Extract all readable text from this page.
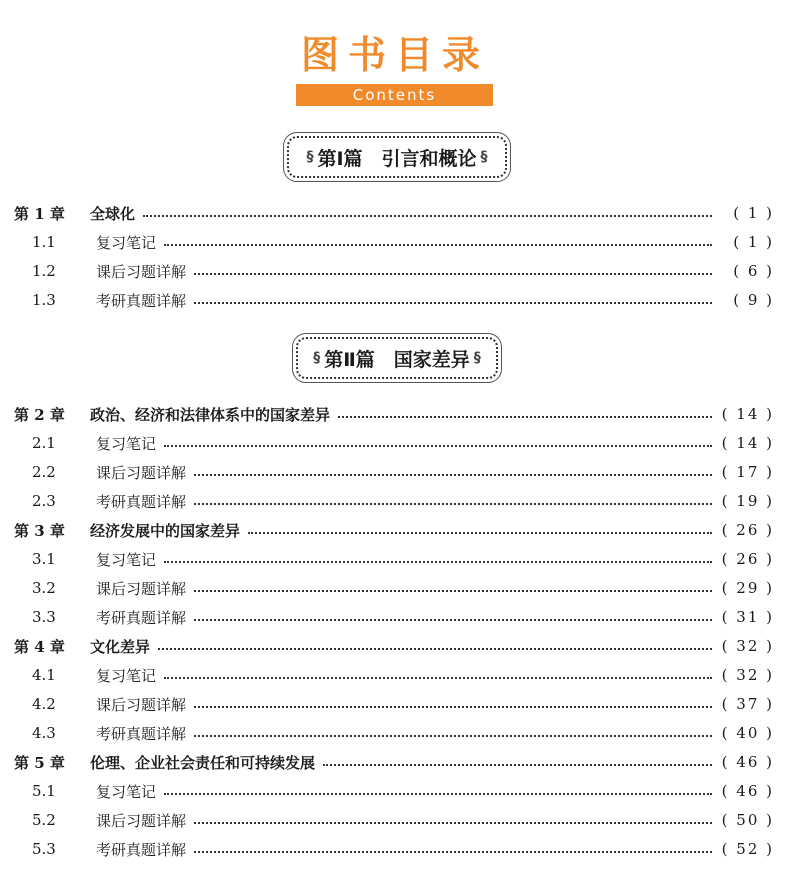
图书目录
Contents
§ 第Ⅰ篇　引言和概论 §
§ 第Ⅱ篇　国家差异 §
第 1 章	全球化	( 1 )
1.1	复习笔记	( 1 )
1.2	课后习题详解	( 6 )
1.3	考研真题详解	( 9 )
第 2 章	政治、经济和法律体系中的国家差异	( 14 )
2.1	复习笔记	( 14 )
2.2	课后习题详解	( 17 )
2.3	考研真题详解	( 19 )
第 3 章	经济发展中的国家差异	( 26 )
3.1	复习笔记	( 26 )
3.2	课后习题详解	( 29 )
3.3	考研真题详解	( 31 )
第 4 章	文化差异	( 32 )
4.1	复习笔记	( 32 )
4.2	课后习题详解	( 37 )
4.3	考研真题详解	( 40 )
第 5 章	伦理、企业社会责任和可持续发展	( 46 )
5.1	复习笔记	( 46 )
5.2	课后习题详解	( 50 )
5.3	考研真题详解	( 52 )
